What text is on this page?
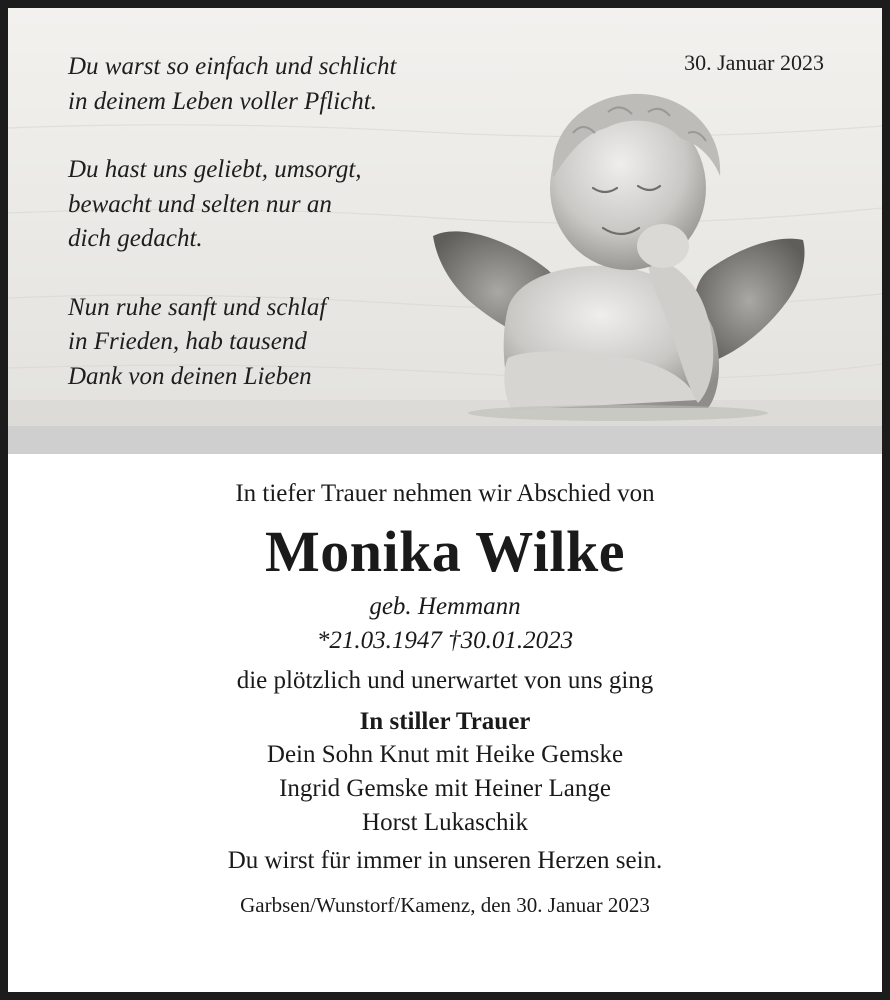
Du warst so einfach und schlicht
in deinem Leben voller Pflicht.
Du hast uns geliebt, umsorgt,
bewacht und selten nur an
dich gedacht.
Nun ruhe sanft und schlaf
in Frieden, hab tausend
Dank von deinen Lieben
30. Januar 2023
In tiefer Trauer nehmen wir Abschied von
Monika Wilke
geb. Hemmann
*21.03.1947 †30.01.2023
die plötzlich und unerwartet von uns ging
In stiller Trauer
Dein Sohn Knut mit Heike Gemske
Ingrid Gemske mit Heiner Lange
Horst Lukaschik
Du wirst für immer in unseren Herzen sein.
Garbsen/Wunstorf/Kamenz, den 30. Januar 2023
